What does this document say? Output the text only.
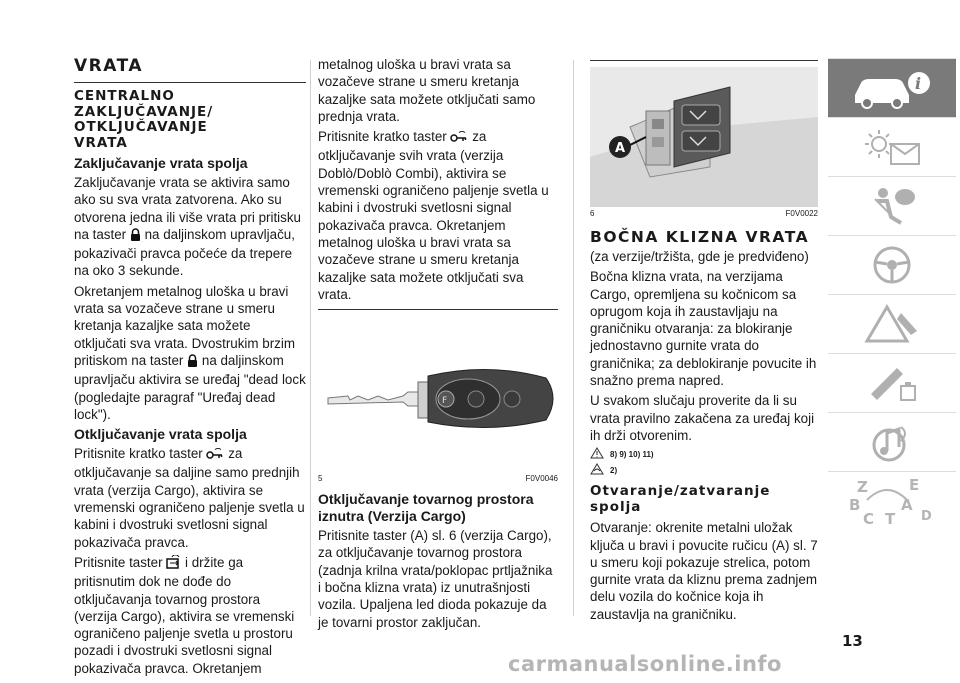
VRATA
CENTRALNO
ZAKLJUČAVANJE/
OTKLJUČAVANJE
VRATA
Zaključavanje vrata spolja

Zaključavanje vrata se aktivira samo ako su sva vrata zatvorena. Ako su otvorena jedna ili više vrata pri pritisku na taster na daljinskom upravljaču, pokazivači pravca počeće da trepere na oko 3 sekunde.

Okretanjem metalnog uloška u bravi vrata sa vozačeve strane u smeru kretanja kazaljke sata možete otključati sva vrata. Dvostrukim brzim pritiskom na taster na daljinskom upravljaču aktivira se uređaj "dead lock (pogledajte paragraf "Uređaj dead lock").

Otključavanje vrata spolja

Pritisnite kratko taster za otključavanje sa daljine samo prednjih vrata (verzija Cargo), aktivira se vremenski ograničeno paljenje svetla u kabini i dvostruki svetlosni signal pokazivača pravca.

Pritisnite taster i držite ga pritisnutim dok ne dođe do otključavanja tovarnog prostora (verzija Cargo), aktivira se vremenski ograničeno paljenje svetla u prostoru pozadi i dvostruki svetlosni signal pokazivača pravca. Okretanjem

metalnog uloška u bravi vrata sa vozačeve strane u smeru kretanja kazaljke sata možete otključati samo prednja vrata.

Pritisnite kratko taster za otključavanje svih vrata (verzija Doblò/Doblò Combi), aktivira se vremenski ograničeno paljenje svetla u kabini i dvostruki svetlosni signal pokazivača pravca. Okretanjem metalnog uloška u bravi vrata sa vozačeve strane u smeru kretanja kazaljke sata možete otključati sva vrata.

F
5	F0V0046
Otključavanje tovarnog prostora iznutra (Verzija Cargo)

Pritisnite taster (A) sl. 6 (verzija Cargo), za otključavanje tovarnog prostora (zadnja krilna vrata/poklopac prtljažnika i bočna klizna vrata) iz unutrašnjosti vozila. Upaljena led dioda pokazuje da je tovarni prostor zaključan.

A
6	F0V0022
BOČNA KLIZNA VRATA

(za verzije/tržišta, gde je predviđeno)

Bočna klizna vrata, na verzijama Cargo, opremljena su kočnicom sa oprugom koja ih zaustavljaju na graničniku otvaranja: za blokiranje jednostavno gurnite vrata do graničnika; za deblokiranje povucite ih snažno prema napred.

U svakom slučaju proverite da li su vrata pravilno zakačena za uređaj koji ih drži otvorenim.

8) 9) 10) 11)
2)
Otvaranje/zatvaranje
spolja

Otvaranje: okrenite metalni uložak ključa u bravi i povucite ručicu (A) sl. 7 u smeru koji pokazuje strelica, potom gurnite vrata da kliznu prema zadnjem delu vozila do kočnice koja ih zaustavlja na graničniku.

i
Z	E
B	A
C	D
T
13
carmanualsonline.info
